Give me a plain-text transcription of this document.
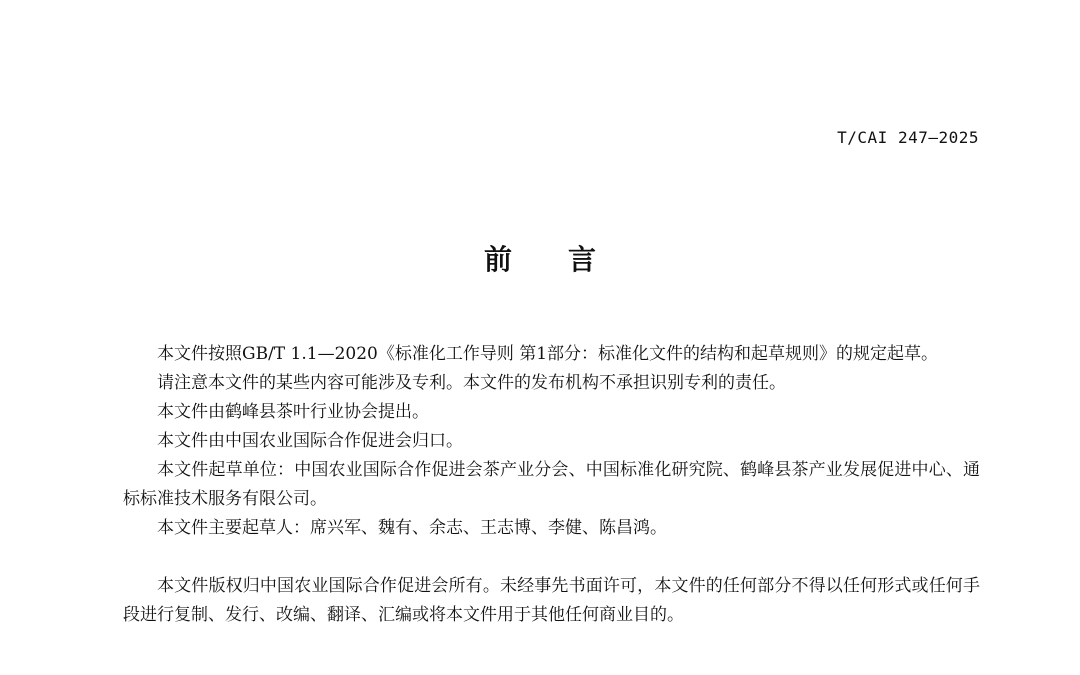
T/CAI 247—2025
前言

本文件按照GB/T 1.1—2020《标准化工作导则 第1部分：标准化文件的结构和起草规则》的规定起草。

请注意本文件的某些内容可能涉及专利。本文件的发布机构不承担识别专利的责任。

本文件由鹤峰县茶叶行业协会提出。

本文件由中国农业国际合作促进会归口。

本文件起草单位：中国农业国际合作促进会茶产业分会、中国标准化研究院、鹤峰县茶产业发展促进中心、通标标准技术服务有限公司。

本文件主要起草人：席兴军、魏有、余志、王志博、李健、陈昌鸿。

本文件版权归中国农业国际合作促进会所有。未经事先书面许可，本文件的任何部分不得以任何形式或任何手段进行复制、发行、改编、翻译、汇编或将本文件用于其他任何商业目的。
